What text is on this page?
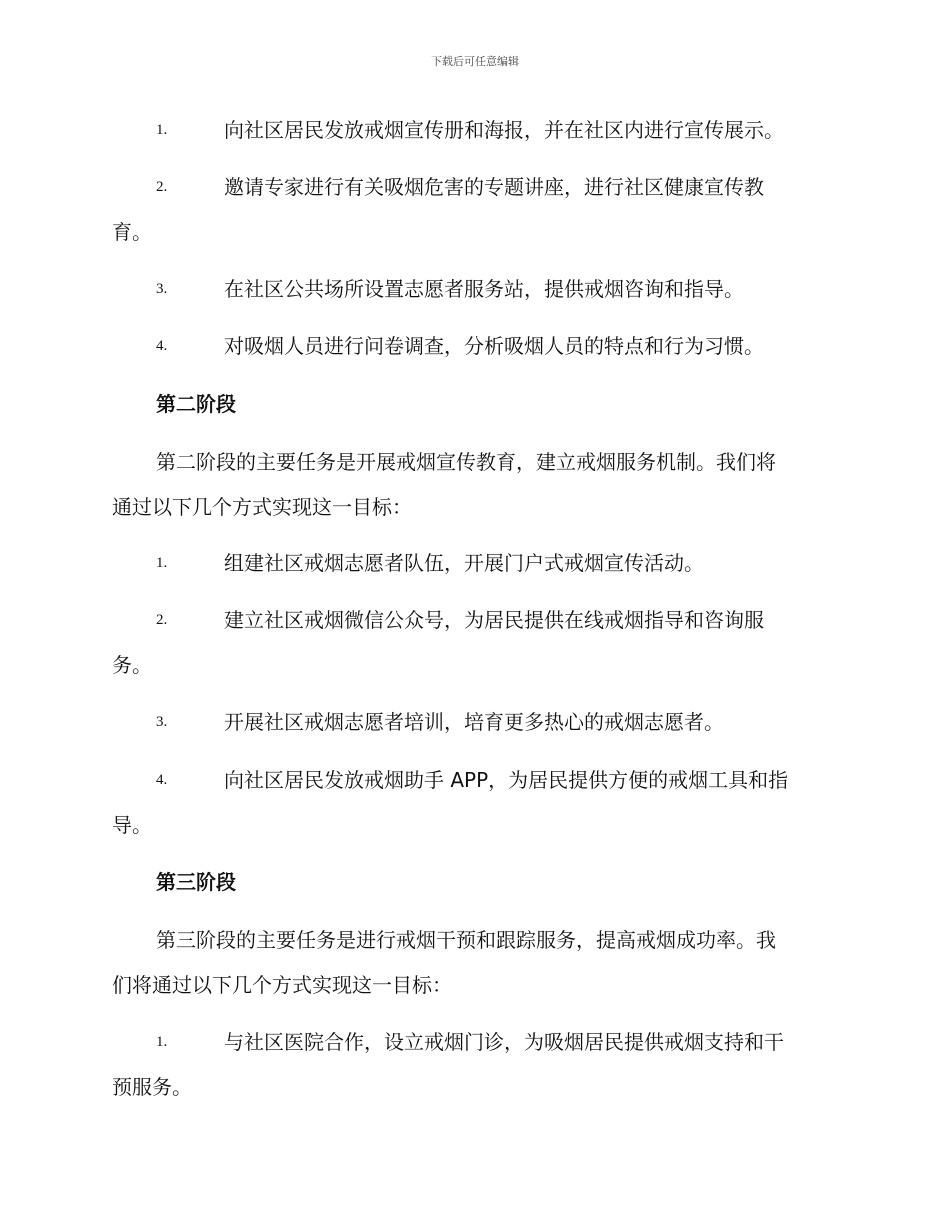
下载后可任意编辑
1.	向社区居民发放戒烟宣传册和海报，并在社区内进行宣传展示。
2.	邀请专家进行有关吸烟危害的专题讲座，进行社区健康宣传教
育。
3.	在社区公共场所设置志愿者服务站，提供戒烟咨询和指导。
4.	对吸烟人员进行问卷调查，分析吸烟人员的特点和行为习惯。
第二阶段
第二阶段的主要任务是开展戒烟宣传教育，建立戒烟服务机制。我们将
通过以下几个方式实现这一目标：
1.	组建社区戒烟志愿者队伍，开展门户式戒烟宣传活动。
2.	建立社区戒烟微信公众号，为居民提供在线戒烟指导和咨询服
务。
3.	开展社区戒烟志愿者培训，培育更多热心的戒烟志愿者。
4.	向社区居民发放戒烟助手 APP，为居民提供方便的戒烟工具和指
导。
第三阶段
第三阶段的主要任务是进行戒烟干预和跟踪服务，提高戒烟成功率。我
们将通过以下几个方式实现这一目标：
1.	与社区医院合作，设立戒烟门诊，为吸烟居民提供戒烟支持和干
预服务。
